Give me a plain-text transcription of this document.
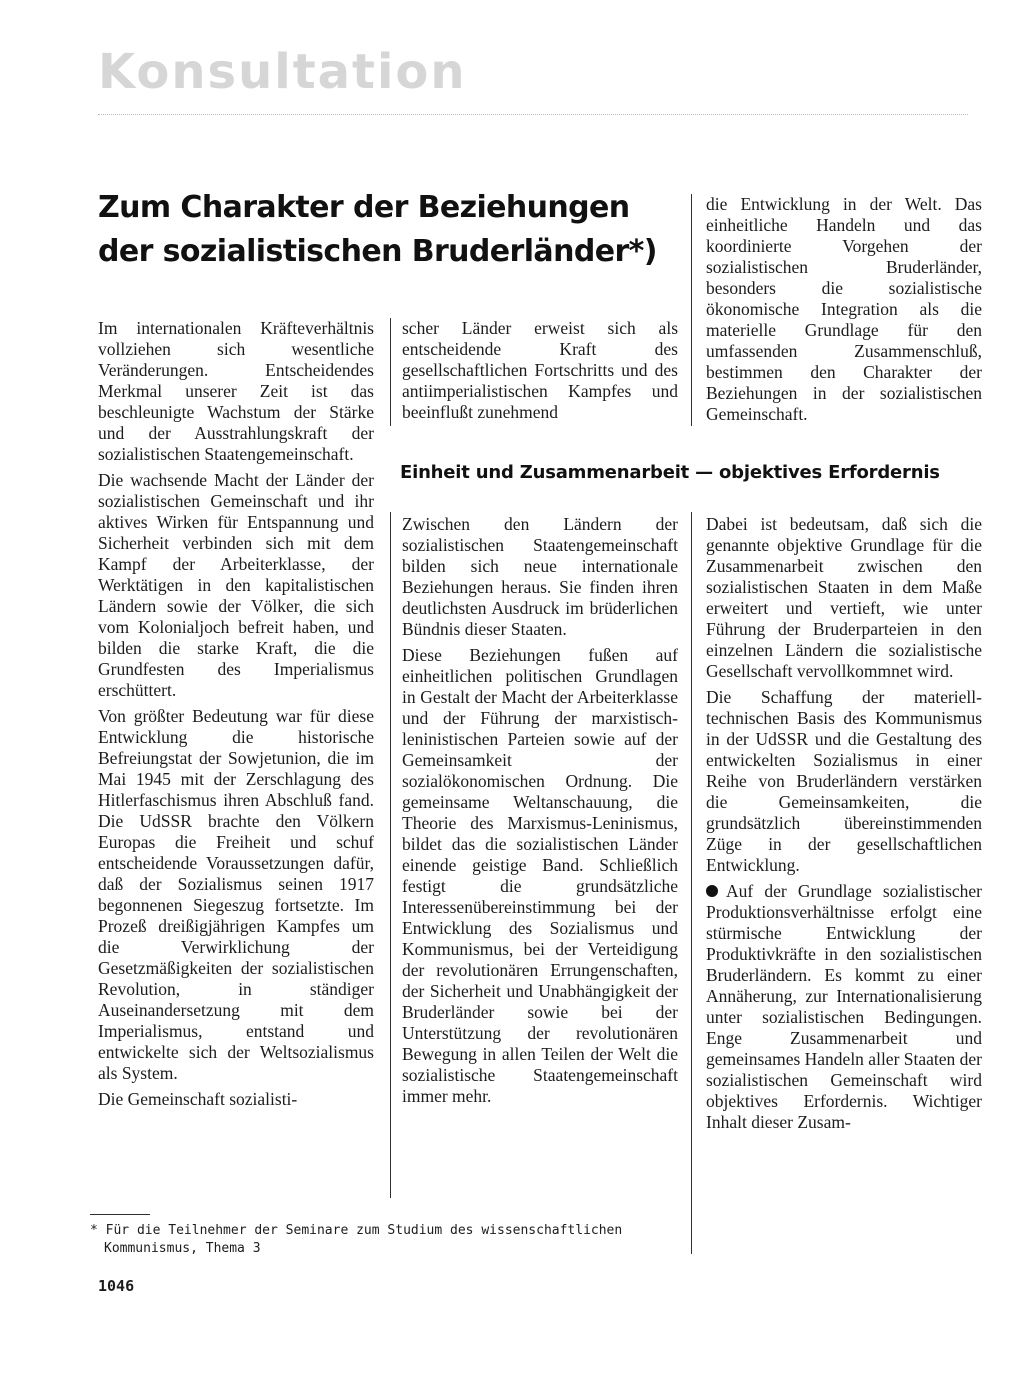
Konsultation
Zum Charakter der Beziehungen
der sozialistischen Bruderländer*)

Im internationalen Kräfteverhältnis vollziehen sich wesentliche Veränderungen. Entscheidendes Merkmal unserer Zeit ist das beschleunigte Wachstum der Stärke und der Ausstrahlungskraft der sozialistischen Staatengemeinschaft.

Die wachsende Macht der Länder der sozialistischen Gemeinschaft und ihr aktives Wirken für Entspannung und Sicherheit verbinden sich mit dem Kampf der Arbeiterklasse, der Werktätigen in den kapitalistischen Ländern sowie der Völker, die sich vom Kolonialjoch befreit haben, und bilden die starke Kraft, die die Grundfesten des Imperialismus erschüttert.

Von größter Bedeutung war für diese Entwicklung die historische Befreiungstat der Sowjetunion, die im Mai 1945 mit der Zerschlagung des Hitlerfaschismus ihren Abschluß fand. Die UdSSR brachte den Völkern Europas die Freiheit und schuf entscheidende Voraussetzungen dafür, daß der Sozialismus seinen 1917 begonnenen Siegeszug fortsetzte. Im Prozeß dreißigjährigen Kampfes um die Verwirklichung der Gesetzmäßigkeiten der sozialistischen Revolution, in ständiger Auseinandersetzung mit dem Imperialismus, entstand und entwickelte sich der Weltsozialismus als System.

Die Gemeinschaft sozialisti-

scher Länder erweist sich als entscheidende Kraft des gesellschaftlichen Fortschritts und des antiimperialistischen Kampfes und beeinflußt zunehmend

die Entwicklung in der Welt. Das einheitliche Handeln und das koordinierte Vorgehen der sozialistischen Bruderländer, besonders die sozialistische ökonomische Integration als die materielle Grundlage für den umfassenden Zusammenschluß, bestimmen den Charakter der Beziehungen in der sozialistischen Gemeinschaft.

Einheit und Zusammenarbeit — objektives Erfordernis

Zwischen den Ländern der sozialistischen Staatengemeinschaft bilden sich neue internationale Beziehungen heraus. Sie finden ihren deutlichsten Ausdruck im brüderlichen Bündnis dieser Staaten.

Diese Beziehungen fußen auf einheitlichen politischen Grundlagen in Gestalt der Macht der Arbeiterklasse und der Führung der marxistisch-leninistischen Parteien sowie auf der Gemeinsamkeit der sozialökonomischen Ordnung. Die gemeinsame Weltanschauung, die Theorie des Marxismus-Leninismus, bildet das die sozialistischen Länder einende geistige Band. Schließlich festigt die grundsätzliche Interessenübereinstimmung bei der Entwicklung des Sozialismus und Kommunismus, bei der Verteidigung der revolutionären Errungenschaften, der Sicherheit und Unabhängigkeit der Bruderländer sowie bei der Unterstützung der revolutionären Bewegung in allen Teilen der Welt die sozialistische Staatengemeinschaft immer mehr.

Dabei ist bedeutsam, daß sich die genannte objektive Grundlage für die Zusammenarbeit zwischen den sozialistischen Staaten in dem Maße erweitert und vertieft, wie unter Führung der Bruderparteien in den einzelnen Ländern die sozialistische Gesellschaft vervollkommnet wird.

Die Schaffung der materiell-technischen Basis des Kommunismus in der UdSSR und die Gestaltung des entwickelten Sozialismus in einer Reihe von Bruderländern verstärken die Gemeinsamkeiten, die grundsätzlich übereinstimmenden Züge in der gesellschaftlichen Entwicklung.

Auf der Grundlage sozialistischer Produktionsverhältnisse erfolgt eine stürmische Entwicklung der Produktivkräfte in den sozialistischen Bruderländern. Es kommt zu einer Annäherung, zur Internationalisierung unter sozialistischen Bedingungen. Enge Zusammenarbeit und gemeinsames Handeln aller Staaten der sozialistischen Gemeinschaft wird objektives Erfordernis. Wichtiger Inhalt dieser Zusam-

* Für die Teilnehmer der Seminare zum Studium des wissenschaftlichen
Kommunismus, Thema 3
1046
